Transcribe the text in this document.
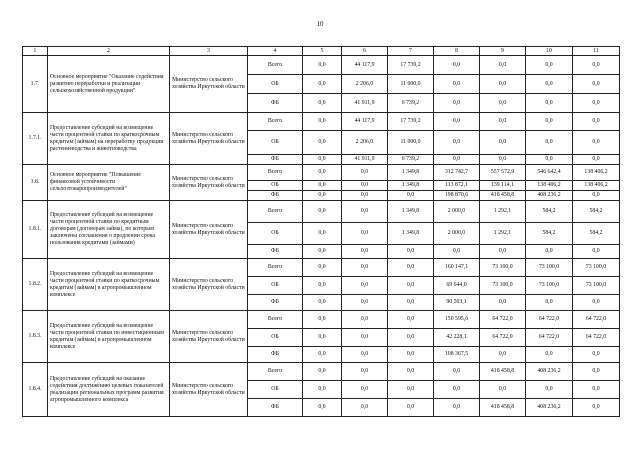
10
1	2	3	4	5	6	7	8	9	10	11
1.7.	Основное мероприятие "Оказание содействия развитию переработки и реализации сельскохозяйственной продукции"	Министерство сельского хозяйства Иркутской области	Всего	0,0	44 117,9	17 739,2	0,0	0,0	0,0	0,0
			ОБ	0,0	2 206,0	11 000,0	0,0	0,0	0,0	0,0
			ФБ	0,0	41 911,9	6 739,2	0,0	0,0	0,0	0,0
1.7.1.	Предоставление субсидий на возмещение части процентной ставки по краткосрочным кредитам (займам) на переработку продукции растениеводства и животноводства	Министерство сельского хозяйства Иркутской области	Всего	0,0	44 117,9	17 739,2	0,0	0,0	0,0	0,0
			ОБ	0,0	2 206,0	11 000,0	0,0	0,0	0,0	0,0
			ФБ	0,0	41 911,9	6 739,2	0,0	0,0	0,0	0,0
1.8.	Основное мероприятие "Повышение финансовой устойчивости сельхозтоваропроизводителей"	Министерство сельского хозяйства Иркутской области	Всего	0,0	0,0	1 349,8	312 742,7	557 572,9	546 642,4	138 406,2
			ОБ	0,0	0,0	1 349,8	113 872,1	139 114,1	138 406,2	138 406,2
			ФБ	0,0	0,0	0,0	198 870,6	418 458,8	408 236,2	0,0
1.8.1.	Предоставление субсидий на возмещение части процентной ставки по кредитным договорам (договорам займа), по которым заключены соглашения о продлении срока пользования кредитами (займами)	Министерство сельского хозяйства Иркутской области	Всего	0,0	0,0	1 349,8	2 000,0	1 292,1	584,2	584,2
			ОБ	0,0	0,0	1 349,8	2 000,0	1 292,1	584,2	584,2
			ФБ	0,0	0,0	0,0	0,0	0,0	0,0	0,0
1.8.2.	Предоставление субсидий на возмещение части процентной ставки по краткосрочным кредитам (займам) в агропромышленном комплексе	Министерство сельского хозяйства Иркутской области	Всего	0,0	0,0	0,0	160 147,1	73 100,0	73 100,0	73 100,0
			ОБ	0,0	0,0	0,0	69 644,0	73 100,0	73 100,0	73 100,0
			ФБ	0,0	0,0	0,0	90 503,1	0,0	0,0	0,0
1.8.3.	Предоставление субсидий на возмещение части процентной ставки по инвестиционным кредитам (займам) в агропромышленном комплексе	Министерство сельского хозяйства Иркутской области	Всего	0,0	0,0	0,0	150 595,6	64 722,0	64 722,0	64 722,0
			ОБ	0,0	0,0	0,0	42 228,1	64 722,0	64 722,0	64 722,0
			ФБ	0,0	0,0	0,0	108 367,5	0,0	0,0	0,0
1.8.4.	Предоставление субсидий на оказание содействия достижению целевых показателей реализации региональных программ развития агропромышленного комплекса	Министерство сельского хозяйства Иркутской области	Всего	0,0	0,0	0,0	0,0	418 458,8	408 236,2	0,0
			ОБ	0,0	0,0	0,0	0,0	0,0	0,0	0,0
			ФБ	0,0	0,0	0,0	0,0	418 458,8	408 236,2	0,0
